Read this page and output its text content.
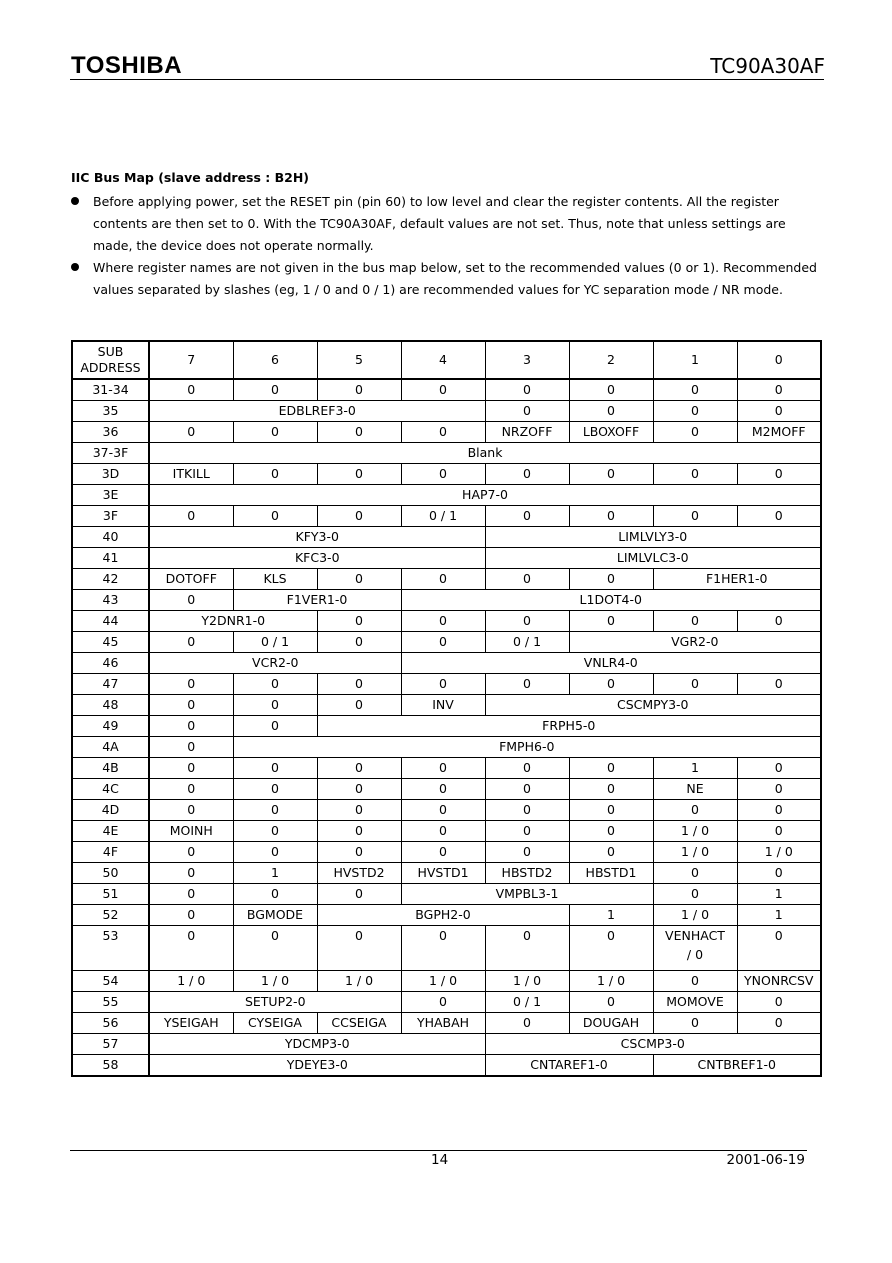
TOSHIBA	TC90A30AF
IIC Bus Map (slave address : B2H)
Before applying power, set the RESET pin (pin 60) to low level and clear the register contents. All the register contents are then set to 0. With the TC90A30AF, default values are not set. Thus, note that unless settings are made, the device does not operate normally.
Where register names are not given in the bus map below, set to the recommended values (0 or 1). Recommended values separated by slashes (eg, 1 / 0 and 0 / 1) are recommended values for YC separation mode / NR mode.
SUB ADDRESS	7	6	5	4	3	2	1	0
31-34	0	0	0	0	0	0	0	0
35	EDBLREF3-0				0	0	0	0
36	0	0	0	0	NRZOFF	LBOXOFF	0	M2MOFF
37-3F	Blank							
3D	ITKILL	0	0	0	0	0	0	0
3E	HAP7-0							
3F	0	0	0	0 / 1	0	0	0	0
40	KFY3-0				LIMLVLY3-0			
41	KFC3-0				LIMLVLC3-0			
42	DOTOFF	KLS	0	0	0	0	F1HER1-0	
43	0	F1VER1-0		L1DOT4-0				
44	Y2DNR1-0		0	0	0	0	0	0
45	0	0 / 1	0	0	0 / 1	VGR2-0		
46	VCR2-0			VNLR4-0				
47	0	0	0	0	0	0	0	0
48	0	0	0	INV	CSCMPY3-0			
49	0	0	FRPH5-0					
4A	0	FMPH6-0						
4B	0	0	0	0	0	0	1	0
4C	0	0	0	0	0	0	NE	0
4D	0	0	0	0	0	0	0	0
4E	MOINH	0	0	0	0	0	1 / 0	0
4F	0	0	0	0	0	0	1 / 0	1 / 0
50	0	1	HVSTD2	HVSTD1	HBSTD2	HBSTD1	0	0
51	0	0	0	VMPBL3-1			0	1
52	0	BGMODE	BGPH2-0			1	1 / 0	1
53	0	0	0	0	0	0	VENHACT
/ 0	0
54	1 / 0	1 / 0	1 / 0	1 / 0	1 / 0	1 / 0	0	YNONRCSV
55	SETUP2-0			0	0 / 1	0	MOMOVE	0
56	YSEIGAH	CYSEIGA	CCSEIGA	YHABAH	0	DOUGAH	0	0
57	YDCMP3-0				CSCMP3-0			
58	YDEYE3-0				CNTAREF1-0		CNTBREF1-0	
14	2001-06-19
